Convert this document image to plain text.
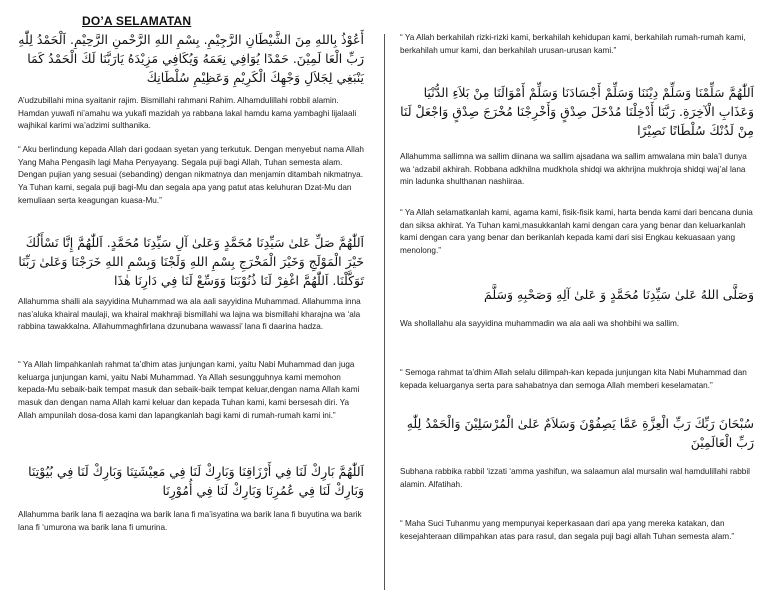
DO’A SELAMATAN

أَعُوْذُ بِاللهِ مِنَ الشَّيْطَانِ الرَّجِيْمِ. بِسْمِ اللهِ الرَّحْمنِ الرَّحِيْمِ. اَلْحَمْدُ لِلّٰهِ رَبِّ الْعَا لَمِيْنَ. حَمْدًا يُوَافِي نِعَمَهُ وَيُكَافِي مَزِيْدَهُ يَارَبَّنَا لَكَ الْحَمْدُ كَمَا يَنْبَغِي لِجَلاَلِ وَجْهِكَ الْكَرِيْمِ وَعَظِيْمِ سُلْطَانِكَ

A’udzubillahi mina syaitanir rajim. Bismillahi rahmani Rahim. Alhamdulillahi robbil alamin. Hamdan yuwafi ni’amahu wa yukafi mazidah ya rabbana lakal hamdu kama yambaghi lijalaali wajhikal karimi wa’adzimi sulthanika.

“ Aku berlindung kepada Allah dari godaan syetan yang terkutuk. Dengan menyebut nama Allah Yang Maha Pengasih lagi Maha Penyayang. Segala puji bagi Allah, Tuhan semesta alam. Dengan pujian yang sesuai (sebanding) dengan nikmatnya dan menjamin ditambah nikmatnya. Ya Tuhan kami, segala puji bagi-Mu dan segala apa yang patut atas keluhuran Dzat-Mu dan kemuliaan serta keagungan kuasa-Mu.”

اَللّٰهُمَّ صَلِّ عَلىٰ سَيِّدِنَا مُحَمَّدٍ وَعَلىٰ آلِ سَيِّدِنَا مُحَمَّدٍ. اَللّٰهُمَّ إِنَّا نَسْأَلُكَ خَيْرَ الْمَوْلَجِ وَخَيْرَ الْمَخْرَجِ بِسْمِ اللهِ وَلَجْنَا وَبِسْمِ اللهِ خَرَجْنَا وَعَلىٰ رَبِّنَا تَوَكَّلْنَا. اَللّٰهُمَّ اغْفِرْ لَنَا ذُنُوْبَنَا وَوَسِّعْ لَنَا فِي دَارِنَا هٰذَا

Allahumma shalli ala sayyidina Muhammad wa ala aali sayyidina Muhammad. Allahumma inna nas’aluka khairal maulaji, wa khairal makhraji bismillahi wa lajna wa bismillahi kharajna wa ‘ala rabbina tawakkalna. Allahummaghfirlana dzunubana wawassi’ lana fi daarina hadza.

“ Ya Allah limpahkanlah rahmat ta’dhim atas junjungan kami, yaitu Nabi Muhammad dan juga keluarga junjungan kami, yaitu Nabi Muhammad. Ya Allah sesungguhnya kami memohon kepada-Mu sebaik-baik tempat masuk dan sebaik-baik tempat keluar,dengan nama Allah kami masuk dan dengan nama Allah kami keluar dan kepada Tuhan kami, kami bersesah diri. Ya Allah ampunilah dosa-dosa kami dan lapangkanlah bagi kami di rumah-rumah kami ini.”

اَللّٰهُمَّ بَارِكْ لَنَا فِي أَرْزَاقِنَا وَبَارِكْ لَنَا فِي مَعِيْشَتِنَا وَبَارِكْ لَنَا فِي بُيُوْتِنَا وَبَارِكْ لَنَا فِي عُمُرِنَا وَبَارِكْ لَنَا فِي أُمُوْرِنَا

Allahumma barik lana fi aezaqina wa barik lana fi ma’isyatina wa barik lana fi buyutina wa barik lana fi ‘umurona wa barik lana fi umurina.

“ Ya Allah berkahilah rizki-rizki kami, berkahilah kehidupan kami, berkahilah rumah-rumah kami, berkahilah umur kami, dan berkahilah urusan-urusan kami.”

اَللّٰهُمَّ سَلِّمْنَا وَسَلِّمْ دِيْنَنَا وَسَلِّمْ أَجْسَادَنَا وَسَلِّمْ أَمْوَالَنَا مِنْ بَلاَءِ الدُّنْيَا وَعَذَابِ الْآخِرَةِ. رَبَّنَا أَدْخِلْنَا مُدْخَلَ صِدْقٍ وَأَخْرِجْنَا مُخْرَجَ صِدْقٍ وَاجْعَلْ لَنَا مِنْ لَدُنْكَ سُلْطَانًا نَصِيْرًا

Allahumma sallimna wa sallim diinana wa sallim ajsadana wa sallim amwalana min bala’I dunya wa ‘adzabil akhirah. Robbana adkhilna mudkhola shidqi wa akhrijna mukhroja shidqi waj’al lana min ladunka shulthanan nashiiraa.

“ Ya Allah selamatkanlah kami, agama kami, fisik-fisik kami, harta benda kami dari bencana dunia dan siksa akhirat. Ya Tuhan kami,masukkanlah kami dengan cara yang benar dan keluarkanlah kami dengan cara yang benar dan berikanlah kepada kami dari sisi Engkau kekuasaan yang menolong.”

وَصَلَّى اللهُ عَلىٰ سَيِّدِنَا مُحَمَّدٍ وَ عَلىٰ آلِهِ وَصَحْبِهِ وَسَلَّمَ

Wa shollallahu ala sayyidina muhammadin wa ala aali wa shohbihi wa sallim.

“ Semoga rahmat ta’dhim Allah selalu dilimpah-kan kepada junjungan kita Nabi Muhammad dan kepada keluarganya serta para sahabatnya dan semoga Allah memberi keselamatan.”

سُبْحَانَ رَبِّكَ رَبِّ الْعِزَّةِ عَمَّا يَصِفُوْنَ وَسَلاَمٌ عَلىٰ الْمُرْسَلِيْنَ وَالْحَمْدُ لِلّٰهِ رَبِّ الْعَالَمِيْنَ

Subhana rabbika rabbil ‘izzati ‘amma yashifun, wa salaamun alal mursalin wal hamdulillahi rabbil alamin. Alfatihah.

“ Maha Suci Tuhanmu yang mempunyai keperkasaan dari apa yang mereka katakan, dan kesejahteraan dilimpahkan atas para rasul, dan segala puji bagi allah Tuhan semesta alam.”
